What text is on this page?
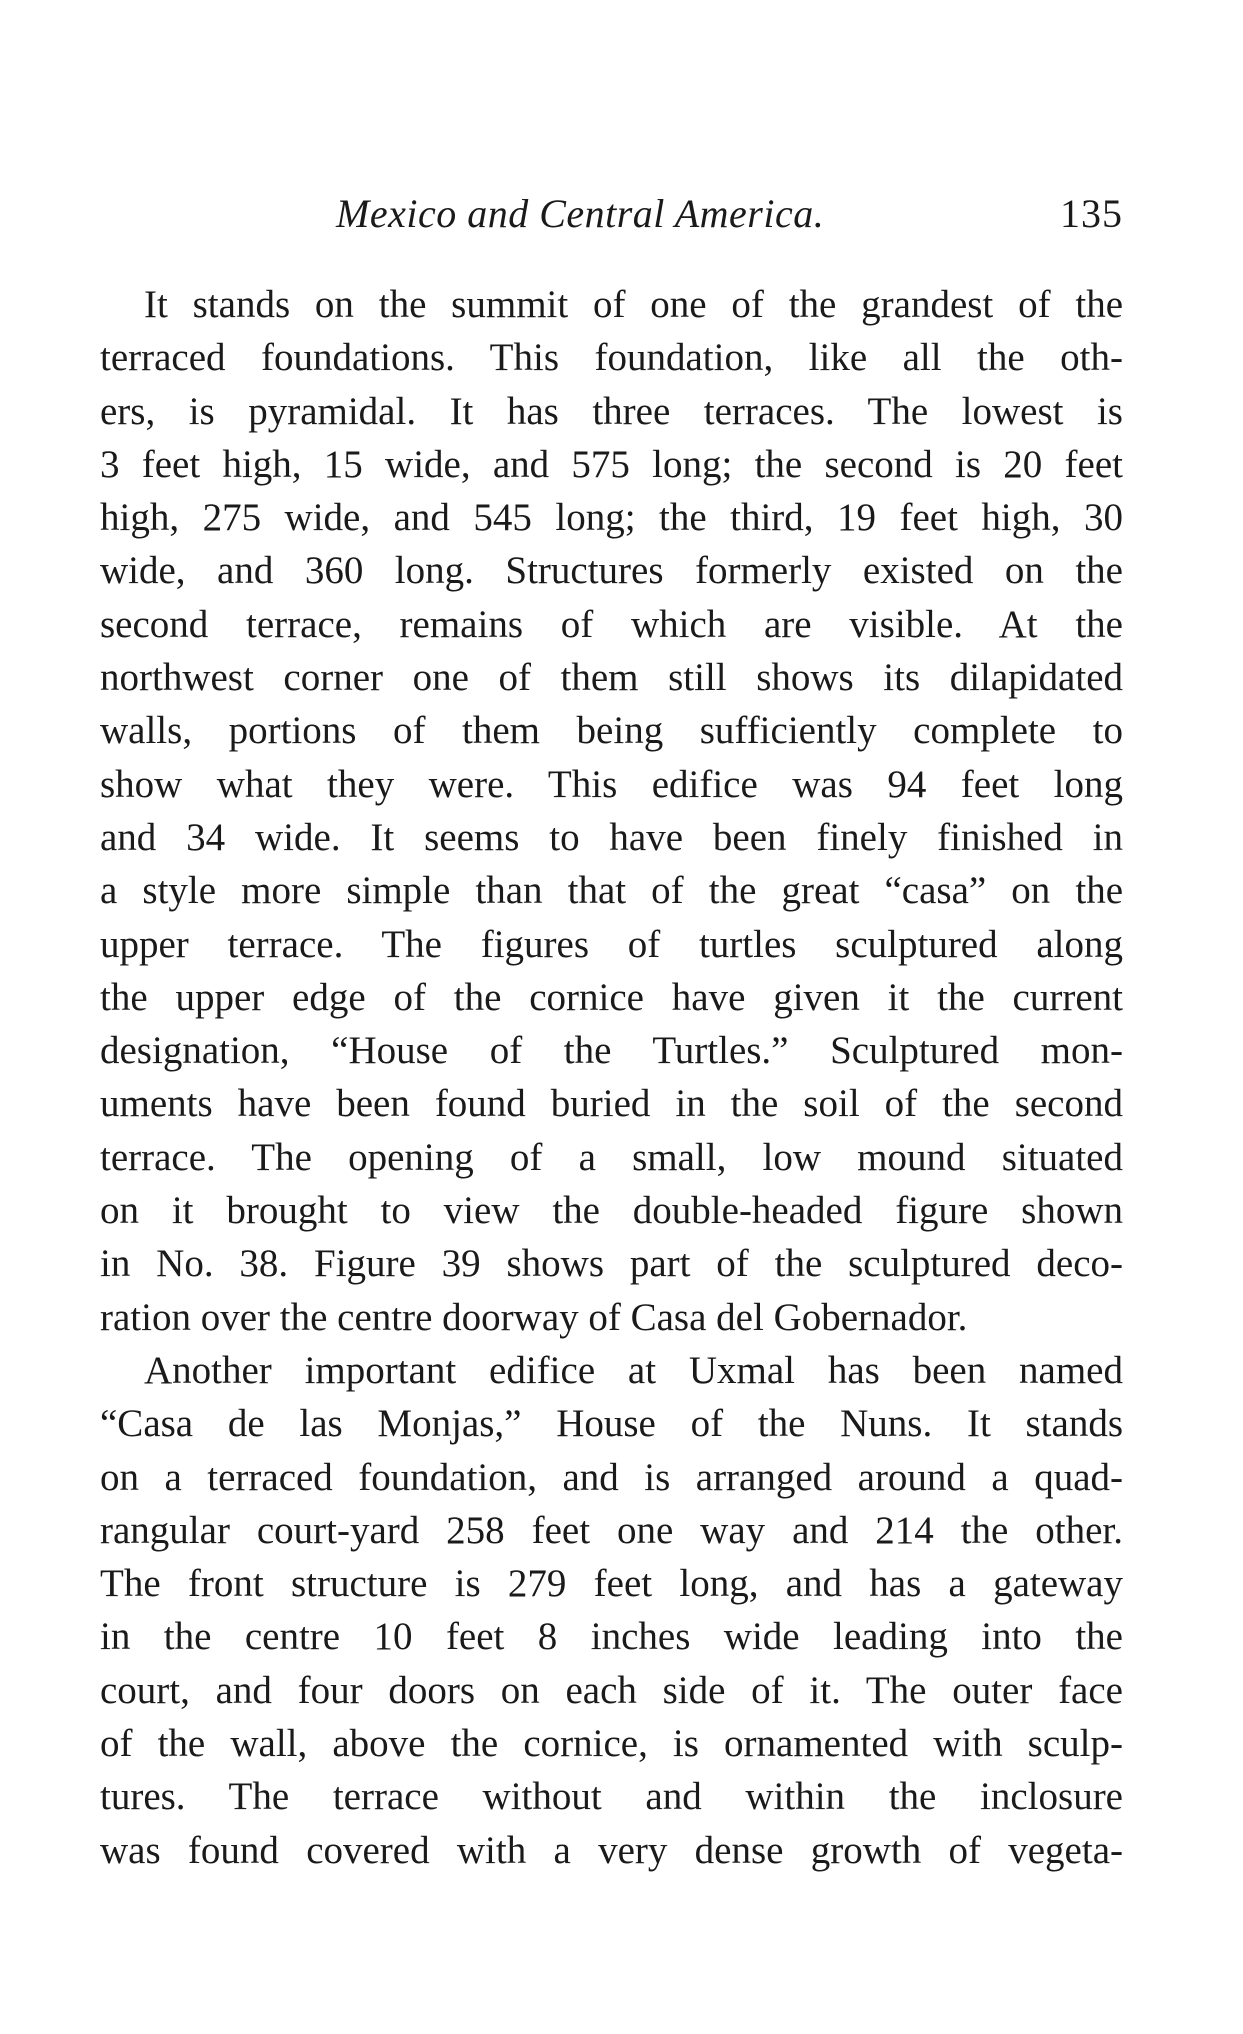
Mexico and Central America.	135
It stands on the summit of one of the grandest of the
terraced foundations. This foundation, like all the oth-
ers, is pyramidal. It has three terraces. The lowest is
3 feet high, 15 wide, and 575 long; the second is 20 feet
high, 275 wide, and 545 long; the third, 19 feet high, 30
wide, and 360 long. Structures formerly existed on the
second terrace, remains of which are visible. At the
northwest corner one of them still shows its dilapidated
walls, portions of them being sufficiently complete to
show what they were. This edifice was 94 feet long
and 34 wide. It seems to have been finely finished in
a style more simple than that of the great “casa” on the
upper terrace. The figures of turtles sculptured along
the upper edge of the cornice have given it the current
designation, “House of the Turtles.” Sculptured mon-
uments have been found buried in the soil of the second
terrace. The opening of a small, low mound situated
on it brought to view the double-headed figure shown
in No. 38. Figure 39 shows part of the sculptured deco-
ration over the centre doorway of Casa del Gobernador.
Another important edifice at Uxmal has been named
“Casa de las Monjas,” House of the Nuns. It stands
on a terraced foundation, and is arranged around a quad-
rangular court-yard 258 feet one way and 214 the other.
The front structure is 279 feet long, and has a gateway
in the centre 10 feet 8 inches wide leading into the
court, and four doors on each side of it. The outer face
of the wall, above the cornice, is ornamented with sculp-
tures. The terrace without and within the inclosure
was found covered with a very dense growth of vegeta-
